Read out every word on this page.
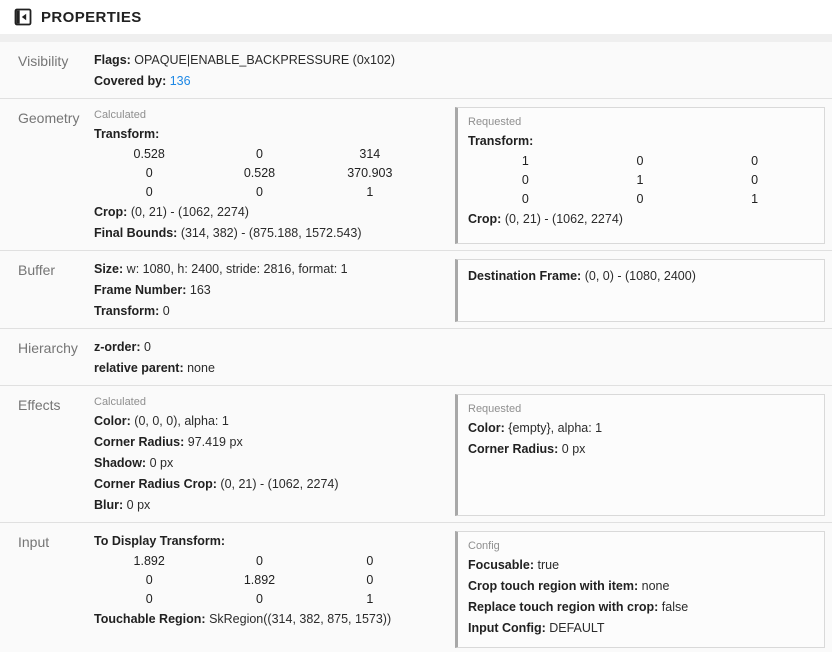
PROPERTIES
Visibility	Flags: OPAQUE|ENABLE_BACKPRESSURE (0x102)
Covered by: 136
Geometry	Calculated
Transform:
0.528	0	314
0	0.528	370.903
0	0	1
Crop: (0, 21) - (1062, 2274)
Final Bounds: (314, 382) - (875.188, 1572.543)
Requested
Transform:
1	0	0
0	1	0
0	0	1
Crop: (0, 21) - (1062, 2274)
Buffer	Size: w: 1080, h: 2400, stride: 2816, format: 1
Frame Number: 163
Transform: 0
Destination Frame: (0, 0) - (1080, 2400)
Hierarchy	z-order: 0
relative parent: none
Effects	Calculated
Color: (0, 0, 0), alpha: 1
Corner Radius: 97.419 px
Shadow: 0 px
Corner Radius Crop: (0, 21) - (1062, 2274)
Blur: 0 px
Requested
Color: {empty}, alpha: 1
Corner Radius: 0 px
Input	To Display Transform:
1.892	0	0
0	1.892	0
0	0	1
Touchable Region: SkRegion((314, 382, 875, 1573))
Config
Focusable: true
Crop touch region with item: none
Replace touch region with crop: false
Input Config: DEFAULT
